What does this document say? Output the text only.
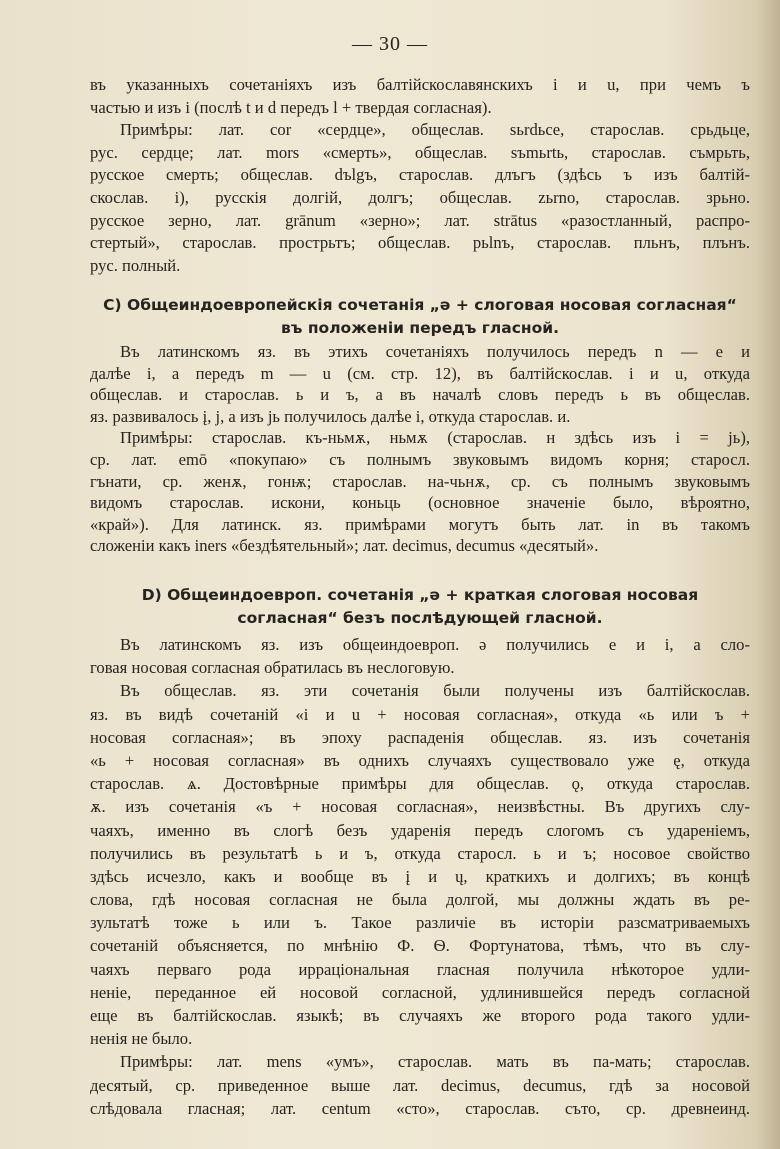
— 30 —
въ указанныхъ сочетаніяхъ изъ балтійскославянскихъ і и u, при чемъ ъ
частью и изъ і (послѣ t и d передъ l + твердая согласная).
Примѣры: лат. cor «сердце», общеслав. sьrdьce, старослав. срьдьце,
рус. сердце; лат. mors «смерть», общеслав. sъmьrtь, старослав. съмрьть,
русское смерть; общеслав. dъlgъ, старослав. длъгъ (здѣсь ъ изъ балтій-
скослав. і), русскія долгій, долгъ; общеслав. zьrno, старослав. зрьно.
русское зерно, лат. grānum «зерно»; лат. strātus «разостланный, распро-
стертый», старослав. прострьтъ; общеслав. pьlnъ, старослав. пльнъ, плънъ.
рус. полный.
C) Общеиндоевропейскія сочетанія „ə + слоговая носовая согласная“
въ положеніи передъ гласной.
Въ латинскомъ яз. въ этихъ сочетаніяхъ получилось передъ n — e и
далѣе i, а передъ m — u (см. стр. 12), въ балтійскослав. і и u, откуда
общеслав. и старослав. ь и ъ, а въ началѣ словъ передъ ь въ общеслав.
яз. развивалось į, j, а изъ jь получилось далѣе і, откуда старослав. и.
Примѣры: старослав. къ-ньмѫ, ньмѫ (старослав. н здѣсь изъ i = jь),
ср. лат. emō «покупаю» съ полнымъ звуковымъ видомъ корня; старосл.
гънати, ср. женѫ, гонѭ; старослав. на-чьнѫ, ср. съ полнымъ звуковымъ
видомъ старослав. искони, коньць (основное значеніе было, вѣроятно,
«край»). Для латинск. яз. примѣрами могутъ быть лат. in въ такомъ
сложеніи какъ iners «бездѣятельный»; лат. decimus, decumus «десятый».
D) Общеиндоевроп. сочетанія „ə + краткая слоговая носовая
согласная“ безъ послѣдующей гласной.
Въ латинскомъ яз. изъ общеиндоевроп. ə получились e и i, а сло-
говая носовая согласная обратилась въ неслоговую.
Въ общеслав. яз. эти сочетанія были получены изъ балтійскослав.
яз. въ видѣ сочетаній «i и u + носовая согласная», откуда «ь или ъ +
носовая согласная»; въ эпоху распаденія общеслав. яз. изъ сочетанія
«ь + носовая согласная» въ однихъ случаяхъ существовало уже ę, откуда
старослав. ѧ. Достовѣрные примѣры для общеслав. ǫ, откуда старослав.
ѫ. изъ сочетанія «ъ + носовая согласная», неизвѣстны. Въ другихъ слу-
чаяхъ, именно въ слогѣ безъ ударенія передъ слогомъ съ удареніемъ,
получились въ результатѣ ь и ъ, откуда старосл. ь и ъ; носовое свойство
здѣсь исчезло, какъ и вообще въ į и ų, краткихъ и долгихъ; въ концѣ
слова, гдѣ носовая согласная не была долгой, мы должны ждать въ ре-
зультатѣ тоже ь или ъ. Такое различіе въ исторіи разсматриваемыхъ
сочетаній объясняется, по мнѣнію Ф. Ѳ. Фортунатова, тѣмъ, что въ слу-
чаяхъ перваго рода ирраціональная гласная получила нѣкоторое удли-
неніе, переданное ей носовой согласной, удлинившейся передъ согласной
еще въ балтійскослав. языкѣ; въ случаяхъ же второго рода такого удли-
ненія не было.
Примѣры: лат. mens «умъ», старослав. мать въ па-мать; старослав.
десятый, ср. приведенное выше лат. decimus, decumus, гдѣ за носовой
слѣдовала гласная; лат. centum «сто», старослав. съто, ср. древнеинд.
